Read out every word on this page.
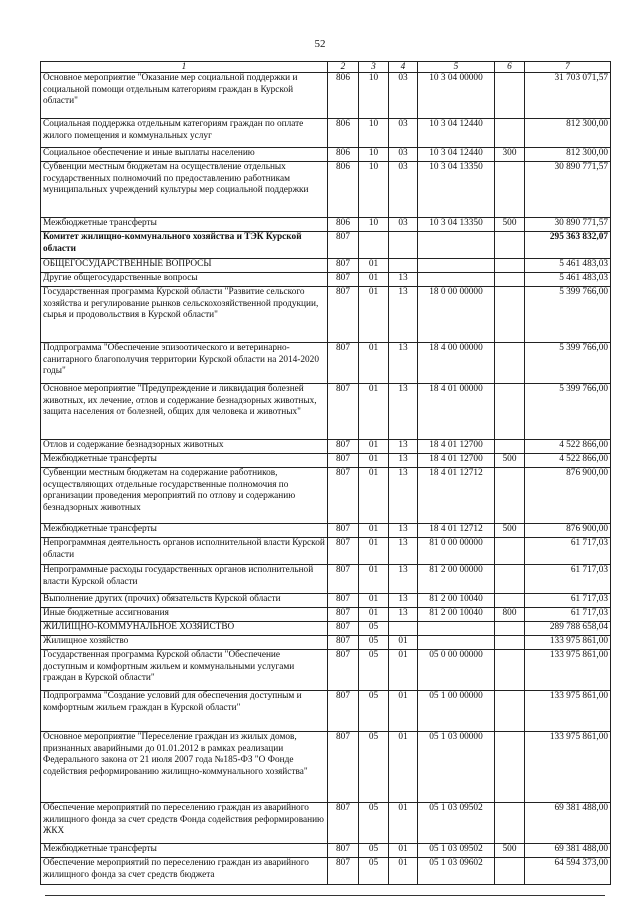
52
1	2	3	4	5	6	7
Основное мероприятие "Оказание мер социальной поддержки и социальной помощи отдельным категориям граждан в Курской области"	806	10	03	10 3 04 00000		31 703 071,57
Социальная поддержка отдельным категориям граждан по оплате жилого помещения и коммунальных услуг	806	10	03	10 3 04 12440		812 300,00
Социальное обеспечение и иные выплаты населению	806	10	03	10 3 04 12440	300	812 300,00
Субвенции местным бюджетам на осуществление отдельных государственных полномочий по предоставлению работникам муниципальных учреждений культуры мер социальной поддержки	806	10	03	10 3 04 13350		30 890 771,57
Межбюджетные трансферты	806	10	03	10 3 04 13350	500	30 890 771,57
Комитет жилищно-коммунального хозяйства и ТЭК Курской области	807					295 363 832,07
ОБЩЕГОСУДАРСТВЕННЫЕ ВОПРОСЫ	807	01				5 461 483,03
Другие общегосударственные вопросы	807	01	13			5 461 483,03
Государственная программа Курской области "Развитие сельского хозяйства и регулирование рынков сельскохозяйственной продукции, сырья и продовольствия в Курской области"	807	01	13	18 0 00 00000		5 399 766,00
Подпрограмма "Обеспечение эпизоотического и ветеринарно-санитарного благополучия территории Курской области на 2014-2020 годы"	807	01	13	18 4 00 00000		5 399 766,00
Основное мероприятие "Предупреждение и ликвидация болезней животных, их лечение, отлов и содержание безнадзорных животных, защита населения от болезней, общих для человека и животных"	807	01	13	18 4 01 00000		5 399 766,00
Отлов и содержание безнадзорных животных	807	01	13	18 4 01 12700		4 522 866,00
Межбюджетные трансферты	807	01	13	18 4 01 12700	500	4 522 866,00
Субвенции местным бюджетам на содержание работников, осуществляющих отдельные государственные полномочия по организации проведения мероприятий по отлову и содержанию безнадзорных животных	807	01	13	18 4 01 12712		876 900,00
Межбюджетные трансферты	807	01	13	18 4 01 12712	500	876 900,00
Непрограммная деятельность органов исполнительной власти Курской области	807	01	13	81 0 00 00000		61 717,03
Непрограммные расходы государственных органов исполнительной власти Курской области	807	01	13	81 2 00 00000		61 717,03
Выполнение других (прочих) обязательств Курской области	807	01	13	81 2 00 10040		61 717,03
Иные бюджетные ассигнования	807	01	13	81 2 00 10040	800	61 717,03
ЖИЛИЩНО-КОММУНАЛЬНОЕ ХОЗЯЙСТВО	807	05				289 788 658,04
Жилищное хозяйство	807	05	01			133 975 861,00
Государственная программа Курской области "Обеспечение доступным и комфортным жильем и коммунальными услугами граждан в Курской области"	807	05	01	05 0 00 00000		133 975 861,00
Подпрограмма "Создание условий для обеспечения доступным и комфортным жильем граждан в Курской области"	807	05	01	05 1 00 00000		133 975 861,00
Основное мероприятие "Переселение граждан из жилых домов, признанных аварийными до 01.01.2012 в рамках реализации Федерального закона от 21 июля 2007 года №185-ФЗ "О Фонде содействия реформированию жилищно-коммунального хозяйства"	807	05	01	05 1 03 00000		133 975 861,00
Обеспечение мероприятий по переселению граждан из аварийного жилищного фонда за счет средств Фонда содействия реформированию ЖКХ	807	05	01	05 1 03 09502		69 381 488,00
Межбюджетные трансферты	807	05	01	05 1 03 09502	500	69 381 488,00
Обеспечение мероприятий по переселению граждан из аварийного жилищного фонда за счет средств бюджета	807	05	01	05 1 03 09602		64 594 373,00
